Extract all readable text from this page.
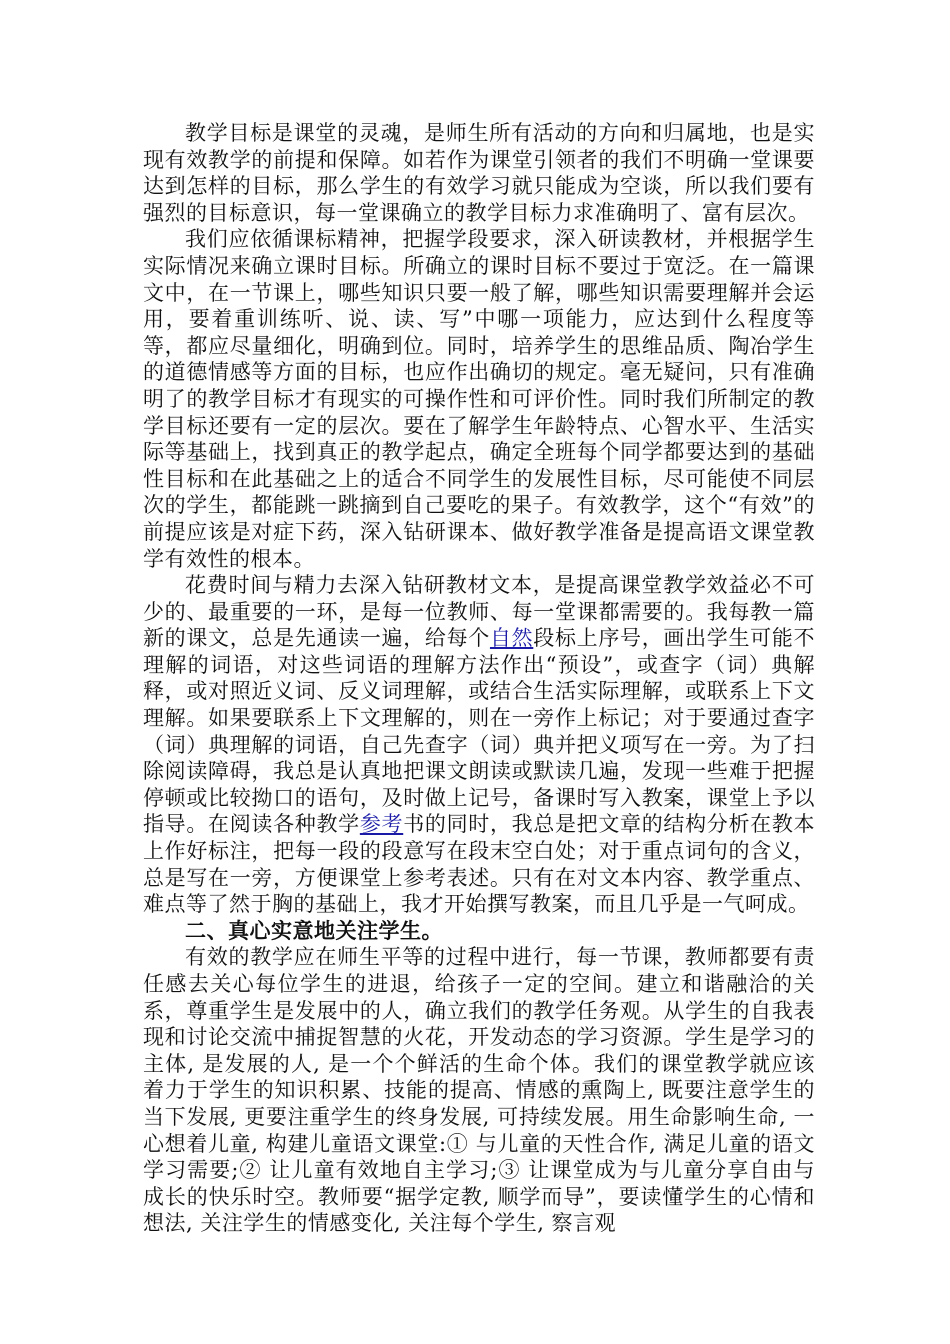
教学目标是课堂的灵魂，是师生所有活动的方向和归属地，也是实现有效教学的前提和保障。如若作为课堂引领者的我们不明确一堂课要达到怎样的目标，那么学生的有效学习就只能成为空谈，所以我们要有强烈的目标意识，每一堂课确立的教学目标力求准确明了、富有层次。

我们应依循课标精神，把握学段要求，深入研读教材，并根据学生实际情况来确立课时目标。所确立的课时目标不要过于宽泛。在一篇课文中，在一节课上，哪些知识只要一般了解，哪些知识需要理解并会运用，要着重训练听、说、读、写”中哪一项能力，应达到什么程度等等，都应尽量细化，明确到位。同时，培养学生的思维品质、陶冶学生的道德情感等方面的目标，也应作出确切的规定。毫无疑问，只有准确明了的教学目标才有现实的可操作性和可评价性。同时我们所制定的教学目标还要有一定的层次。要在了解学生年龄特点、心智水平、生活实际等基础上，找到真正的教学起点，确定全班每个同学都要达到的基础性目标和在此基础之上的适合不同学生的发展性目标，尽可能使不同层次的学生，都能跳一跳摘到自己要吃的果子。有效教学，这个“有效”的前提应该是对症下药，深入钻研课本、做好教学准备是提高语文课堂教学有效性的根本。

花费时间与精力去深入钻研教材文本，是提高课堂教学效益必不可少的、最重要的一环，是每一位教师、每一堂课都需要的。我每教一篇新的课文，总是先通读一遍，给每个自然段标上序号，画出学生可能不理解的词语，对这些词语的理解方法作出“预设”，或查字（词）典解释，或对照近义词、反义词理解，或结合生活实际理解，或联系上下文理解。如果要联系上下文理解的，则在一旁作上标记；对于要通过查字（词）典理解的词语，自己先查字（词）典并把义项写在一旁。为了扫除阅读障碍，我总是认真地把课文朗读或默读几遍，发现一些难于把握停顿或比较拗口的语句，及时做上记号，备课时写入教案，课堂上予以指导。在阅读各种教学参考书的同时，我总是把文章的结构分析在教本上作好标注，把每一段的段意写在段末空白处；对于重点词句的含义，总是写在一旁，方便课堂上参考表述。只有在对文本内容、教学重点、难点等了然于胸的基础上，我才开始撰写教案，而且几乎是一气呵成。

二、真心实意地关注学生。

有效的教学应在师生平等的过程中进行，每一节课，教师都要有责任感去关心每位学生的进退，给孩子一定的空间。建立和谐融洽的关系，尊重学生是发展中的人，确立我们的教学任务观。从学生的自我表现和讨论交流中捕捉智慧的火花，开发动态的学习资源。学生是学习的主体, 是发展的人, 是一个个鲜活的生命个体。我们的课堂教学就应该着力于学生的知识积累、技能的提高、情感的熏陶上, 既要注意学生的当下发展, 更要注重学生的终身发展, 可持续发展。用生命影响生命, 一心想着儿童, 构建儿童语文课堂:① 与儿童的天性合作, 满足儿童的语文学习需要;② 让儿童有效地自主学习;③ 让课堂成为与儿童分享自由与成长的快乐时空。教师要“据学定教, 顺学而导”，要读懂学生的心情和想法, 关注学生的情感变化, 关注每个学生, 察言观
